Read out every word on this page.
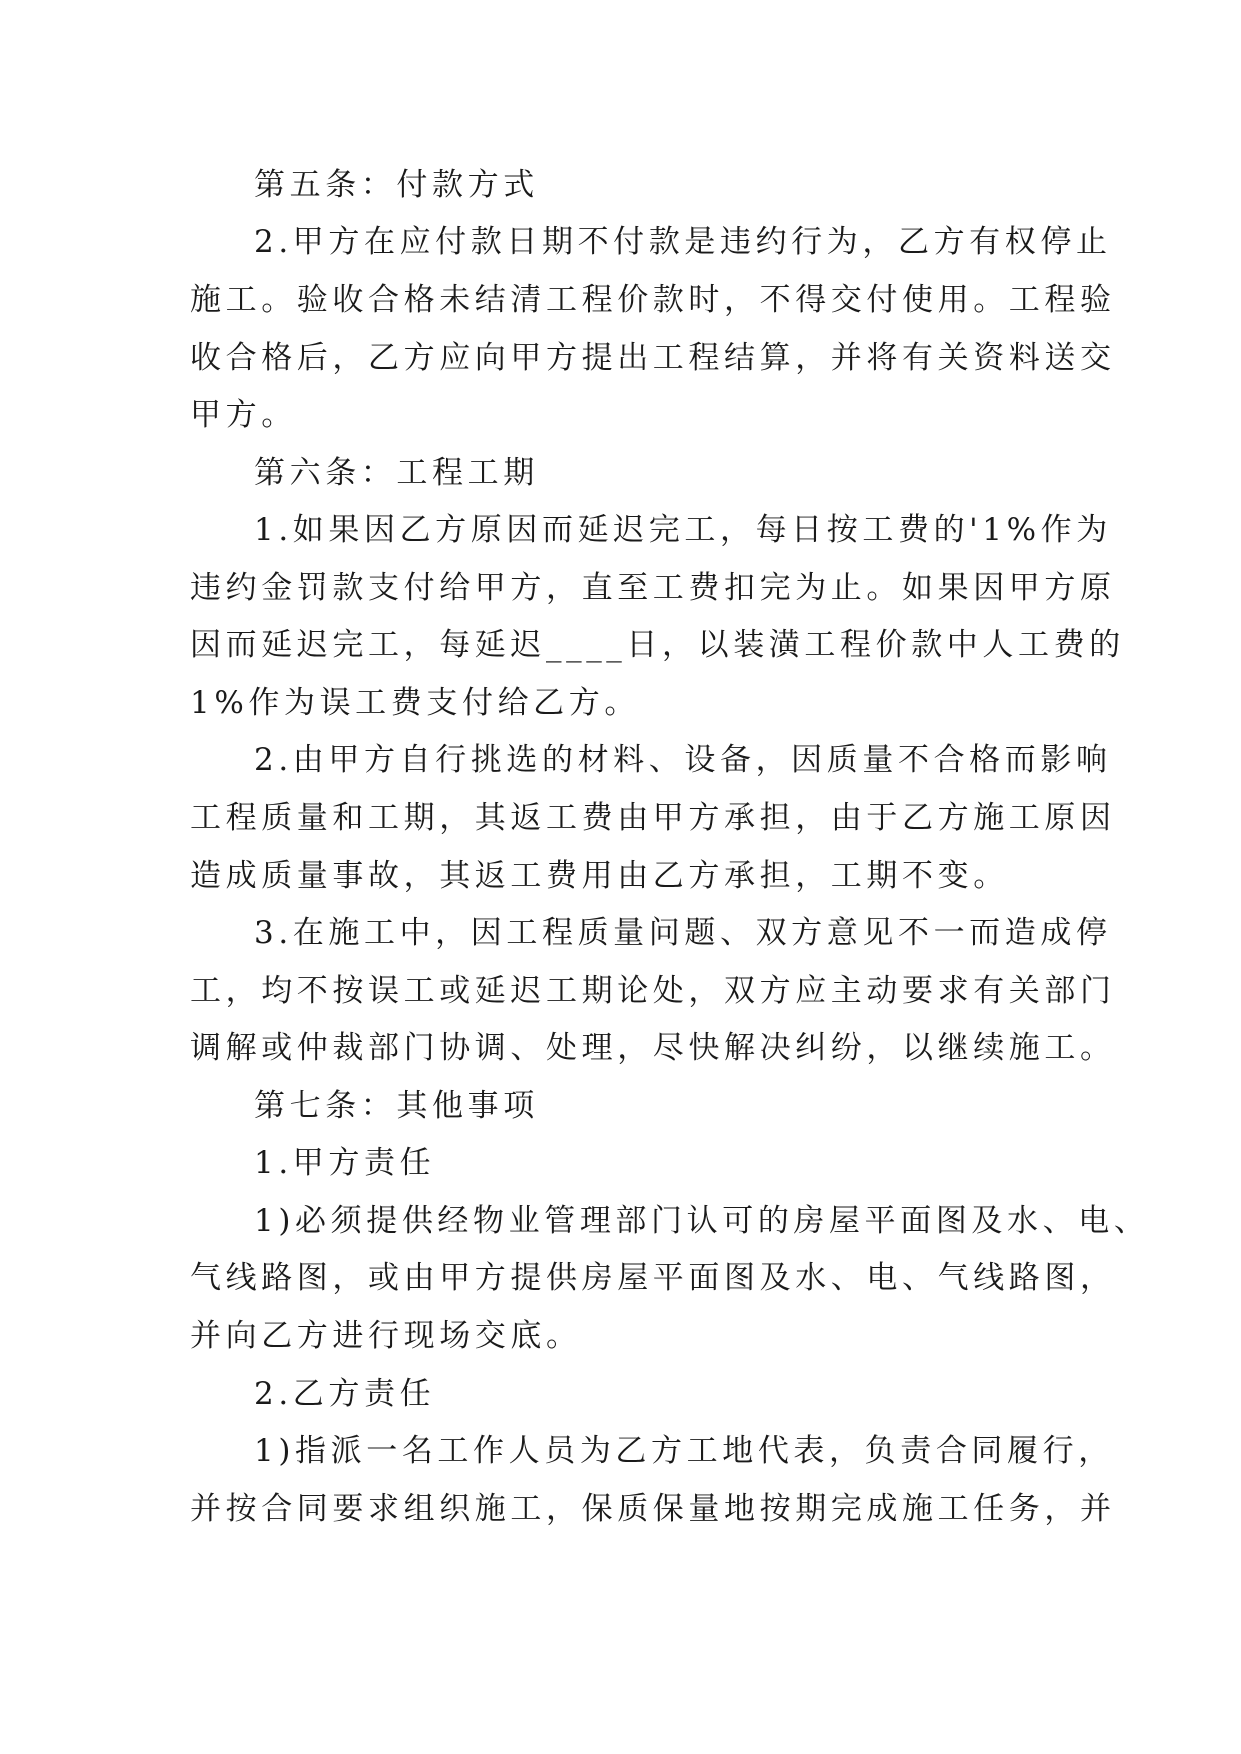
第五条：付款方式
2.甲方在应付款日期不付款是违约行为，乙方有权停止
施工。验收合格未结清工程价款时，不得交付使用。工程验
收合格后，乙方应向甲方提出工程结算，并将有关资料送交
甲方。
第六条：工程工期
1.如果因乙方原因而延迟完工，每日按工费的'1%作为
违约金罚款支付给甲方，直至工费扣完为止。如果因甲方原
因而延迟完工，每延迟____日，以装潢工程价款中人工费的
1%作为误工费支付给乙方。
2.由甲方自行挑选的材料、设备，因质量不合格而影响
工程质量和工期，其返工费由甲方承担，由于乙方施工原因
造成质量事故，其返工费用由乙方承担，工期不变。
3.在施工中，因工程质量问题、双方意见不一而造成停
工，均不按误工或延迟工期论处，双方应主动要求有关部门
调解或仲裁部门协调、处理，尽快解决纠纷，以继续施工。
第七条：其他事项
1.甲方责任
1)必须提供经物业管理部门认可的房屋平面图及水、电、
气线路图，或由甲方提供房屋平面图及水、电、气线路图，
并向乙方进行现场交底。
2.乙方责任
1)指派一名工作人员为乙方工地代表，负责合同履行，
并按合同要求组织施工，保质保量地按期完成施工任务，并
